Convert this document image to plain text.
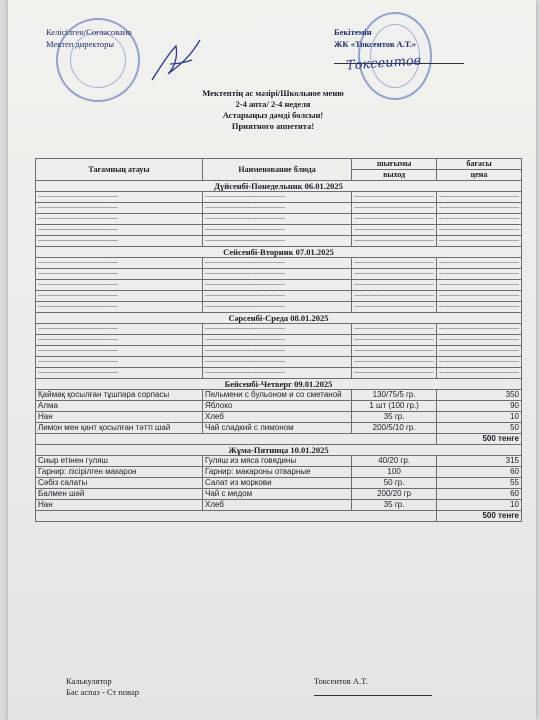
Келісілген/Согласовано
Мектеп директоры
Бекітемін
ЖК «Токсеитов А.Т.»
Токсеитов
Мектептің ас мәзірі/Школьное меню
2-4 апта/ 2-4 неделя
Астарыңыз дәмді болсын!
Приятного аппетита!
Тағамның атауы	Наименование блюда	шығымы	бағасы
		выход	цена
Дүйсенбі-Понедельник 06.01.2025			
----------------------------------------	----------------------------------------	----------------------------------------	----------------------------------------
----------------------------------------	----------------------------------------	----------------------------------------	----------------------------------------
----------------------------------------	----------------------------------------	----------------------------------------	----------------------------------------
----------------------------------------	----------------------------------------	----------------------------------------	----------------------------------------
----------------------------------------	----------------------------------------	----------------------------------------	----------------------------------------
Сейсенбі-Вторник 07.01.2025			
----------------------------------------	----------------------------------------	----------------------------------------	----------------------------------------
----------------------------------------	----------------------------------------	----------------------------------------	----------------------------------------
----------------------------------------	----------------------------------------	----------------------------------------	----------------------------------------
----------------------------------------	----------------------------------------	----------------------------------------	----------------------------------------
----------------------------------------	----------------------------------------	----------------------------------------	----------------------------------------
Сәрсенбі-Среда 08.01.2025			
----------------------------------------	----------------------------------------	----------------------------------------	----------------------------------------
----------------------------------------	----------------------------------------	----------------------------------------	----------------------------------------
----------------------------------------	----------------------------------------	----------------------------------------	----------------------------------------
----------------------------------------	----------------------------------------	----------------------------------------	----------------------------------------
----------------------------------------	----------------------------------------	----------------------------------------	----------------------------------------
Бейсенбі-Четверг 09.01.2025			
Қаймақ қосылған тұшпара сорпасы	Пельмени с бульоном и со сметаной	130/75/5 гр.	350
Алма	Яблоко	1 шт (100 гр.)	90
Нан	Хлеб	35 гр.	10
Лимон мен қант қосылған тәтті шай	Чай сладкий с лимоном	200/5/10 гр.	50
			500 тенге
Жұма-Пятница 10.01.2025			
Сиыр етінен гуляш	Гуляш из мяса говядины	40/20 гр.	315
Гарнир: пісірілген макарон	Гарнир: макароны отварные	100	60
Сәбіз салаты	Салат из моркови	50 гр.	55
Балмен шәй	Чай с медом	200/20 гр	60
Нан	Хлеб	35 гр.	10
			500 тенге
Калькулятор
Бас аспаз - Ст повар
Токсеитов А.Т.
